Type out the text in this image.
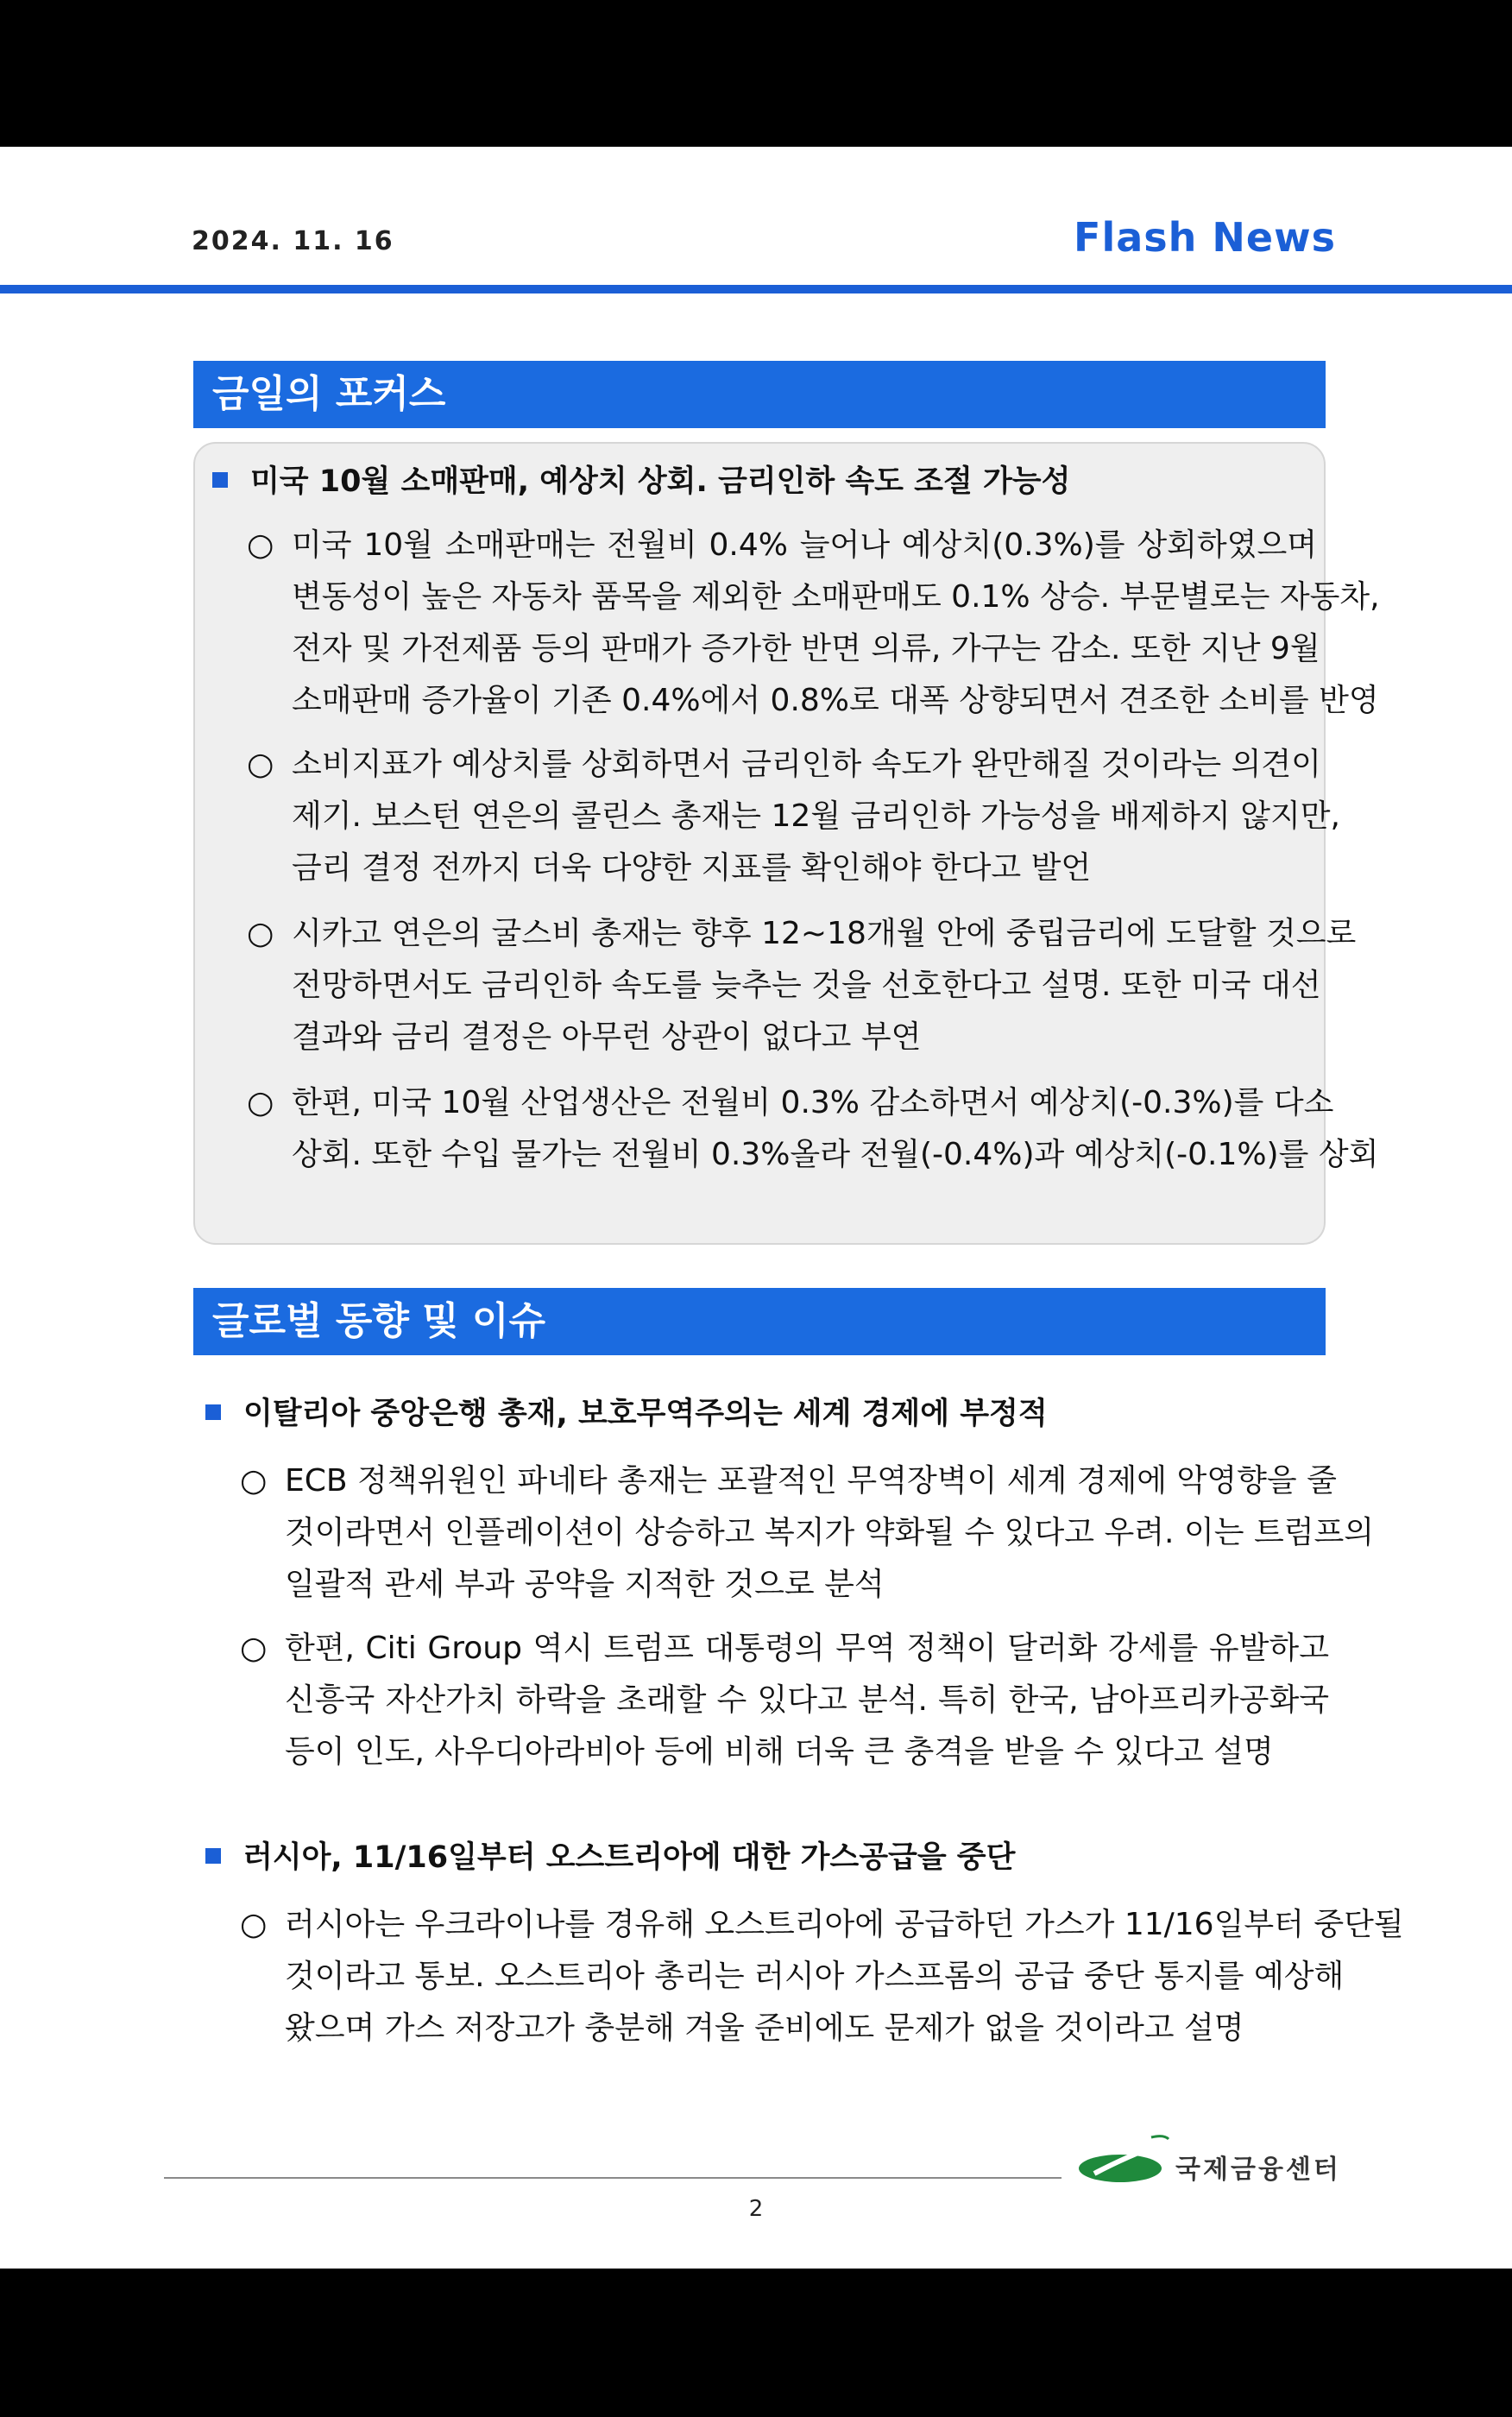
2024. 11. 16	Flash News
금일의 포커스
미국 10월 소매판매, 예상치 상회. 금리인하 속도 조절 가능성
○ 미국 10월 소매판매는 전월비 0.4% 늘어나 예상치(0.3%)를 상회하였으며
변동성이 높은 자동차 품목을 제외한 소매판매도 0.1% 상승. 부문별로는 자동차,
전자 및 가전제품 등의 판매가 증가한 반면 의류, 가구는 감소. 또한 지난 9월
소매판매 증가율이 기존 0.4%에서 0.8%로 대폭 상향되면서 견조한 소비를 반영
○ 소비지표가 예상치를 상회하면서 금리인하 속도가 완만해질 것이라는 의견이
제기. 보스턴 연은의 콜린스 총재는 12월 금리인하 가능성을 배제하지 않지만,
금리 결정 전까지 더욱 다양한 지표를 확인해야 한다고 발언
○ 시카고 연은의 굴스비 총재는 향후 12~18개월 안에 중립금리에 도달할 것으로
전망하면서도 금리인하 속도를 늦추는 것을 선호한다고 설명. 또한 미국 대선
결과와 금리 결정은 아무런 상관이 없다고 부연
○ 한편, 미국 10월 산업생산은 전월비 0.3% 감소하면서 예상치(-0.3%)를 다소
상회. 또한 수입 물가는 전월비 0.3%올라 전월(-0.4%)과 예상치(-0.1%)를 상회
글로벌 동향 및 이슈
이탈리아 중앙은행 총재, 보호무역주의는 세계 경제에 부정적
○ ECB 정책위원인 파네타 총재는 포괄적인 무역장벽이 세계 경제에 악영향을 줄
것이라면서 인플레이션이 상승하고 복지가 약화될 수 있다고 우려. 이는 트럼프의
일괄적 관세 부과 공약을 지적한 것으로 분석
○ 한편, Citi Group 역시 트럼프 대통령의 무역 정책이 달러화 강세를 유발하고
신흥국 자산가치 하락을 초래할 수 있다고 분석. 특히 한국, 남아프리카공화국
등이 인도, 사우디아라비아 등에 비해 더욱 큰 충격을 받을 수 있다고 설명
러시아, 11/16일부터 오스트리아에 대한 가스공급을 중단
○ 러시아는 우크라이나를 경유해 오스트리아에 공급하던 가스가 11/16일부터 중단될
것이라고 통보. 오스트리아 총리는 러시아 가스프롬의 공급 중단 통지를 예상해
왔으며 가스 저장고가 충분해 겨울 준비에도 문제가 없을 것이라고 설명
국제금융센터
2
